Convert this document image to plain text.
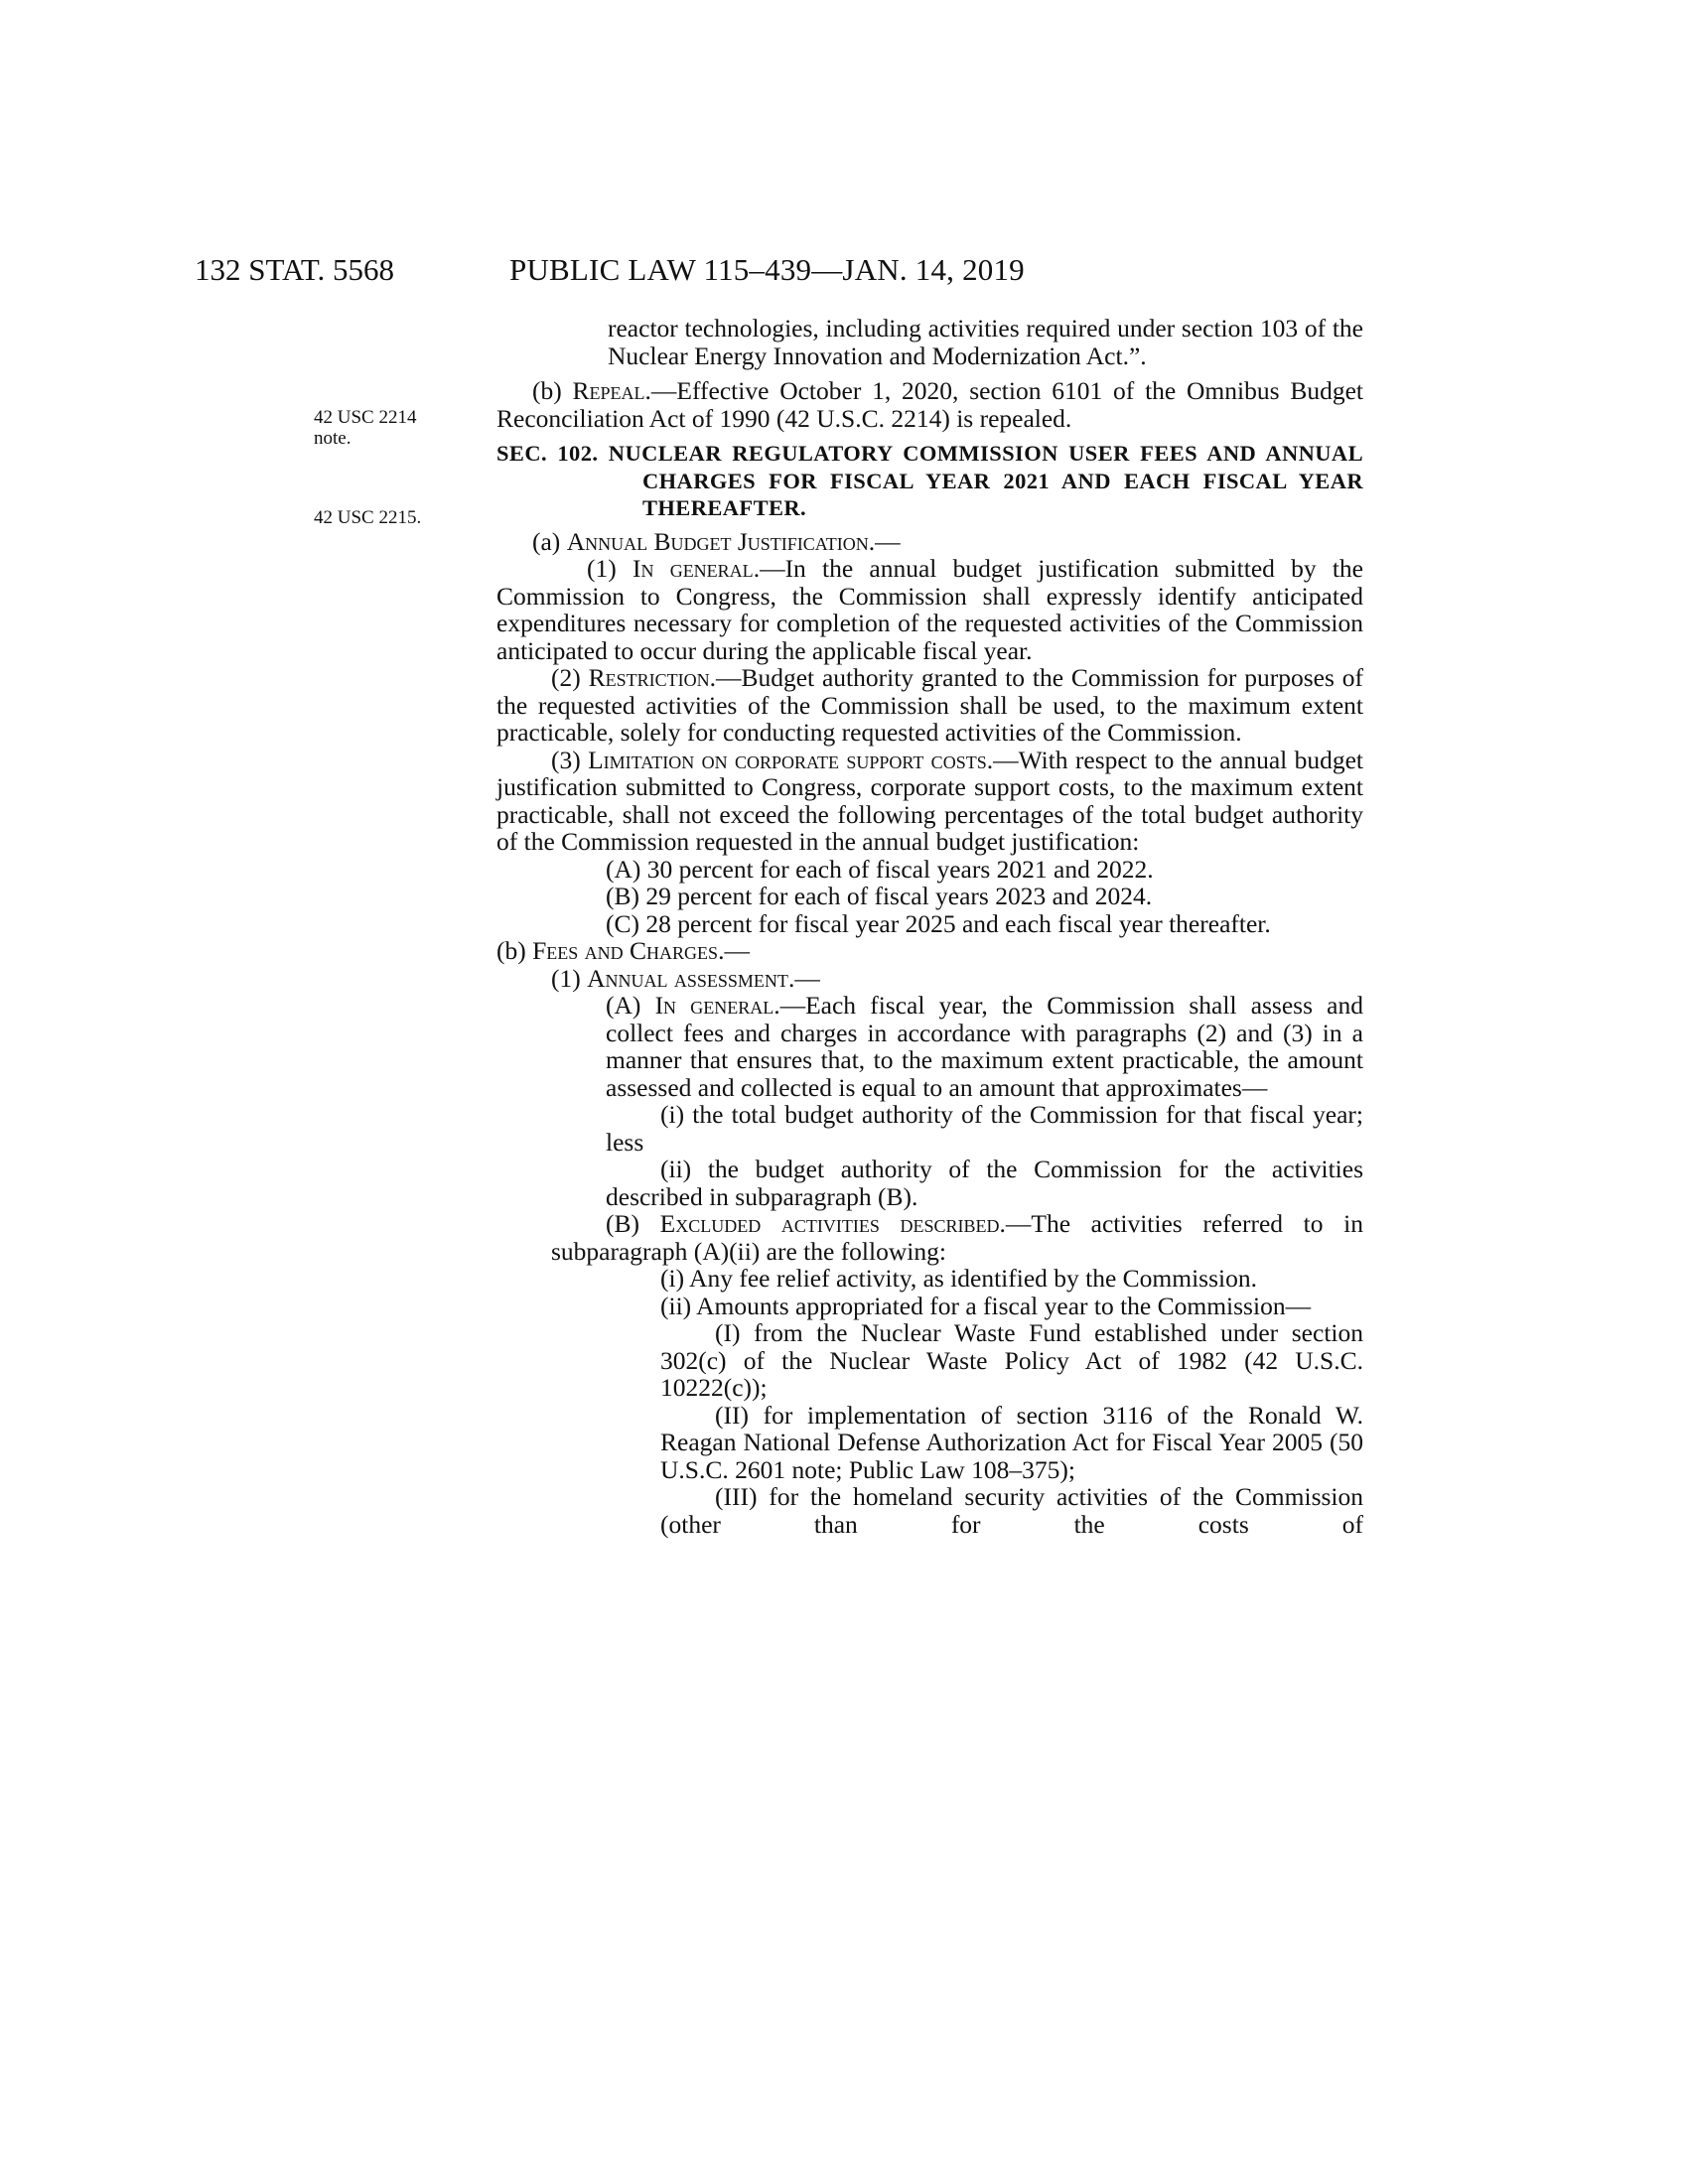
132 STAT. 5568	PUBLIC LAW 115–439—JAN. 14, 2019
42 USC 2214
note.
42 USC 2215.

reactor technologies, including activities required under section 103 of the Nuclear Energy Innovation and Modernization Act.”.

(b) Repeal.—Effective October 1, 2020, section 6101 of the Omnibus Budget Reconciliation Act of 1990 (42 U.S.C. 2214) is repealed.

SEC. 102. NUCLEAR REGULATORY COMMISSION USER FEES AND ANNUAL CHARGES FOR FISCAL YEAR 2021 AND EACH FISCAL YEAR THEREAFTER.

(a) Annual Budget Justification.—

(1) In general.—In the annual budget justification submitted by the Commission to Congress, the Commission shall expressly identify anticipated expenditures necessary for completion of the requested activities of the Commission anticipated to occur during the applicable fiscal year.

(2) Restriction.—Budget authority granted to the Commission for purposes of the requested activities of the Commission shall be used, to the maximum extent practicable, solely for conducting requested activities of the Commission.

(3) Limitation on corporate support costs.—With respect to the annual budget justification submitted to Congress, corporate support costs, to the maximum extent practicable, shall not exceed the following percentages of the total budget authority of the Commission requested in the annual budget justification:

(A) 30 percent for each of fiscal years 2021 and 2022.

(B) 29 percent for each of fiscal years 2023 and 2024.

(C) 28 percent for fiscal year 2025 and each fiscal year thereafter.

(b) Fees and Charges.—

(1) Annual assessment.—

(A) In general.—Each fiscal year, the Commission shall assess and collect fees and charges in accordance with paragraphs (2) and (3) in a manner that ensures that, to the maximum extent practicable, the amount assessed and collected is equal to an amount that approximates—

(i) the total budget authority of the Commission for that fiscal year; less

(ii) the budget authority of the Commission for the activities described in subparagraph (B).

(B) Excluded activities described.—The activities referred to in subparagraph (A)(ii) are the following:

(i) Any fee relief activity, as identified by the Commission.

(ii) Amounts appropriated for a fiscal year to the Commission—

(I) from the Nuclear Waste Fund established under section 302(c) of the Nuclear Waste Policy Act of 1982 (42 U.S.C. 10222(c));

(II) for implementation of section 3116 of the Ronald W. Reagan National Defense Authorization Act for Fiscal Year 2005 (50 U.S.C. 2601 note; Public Law 108–375);

(III) for the homeland security activities of the Commission (other than for the costs of
